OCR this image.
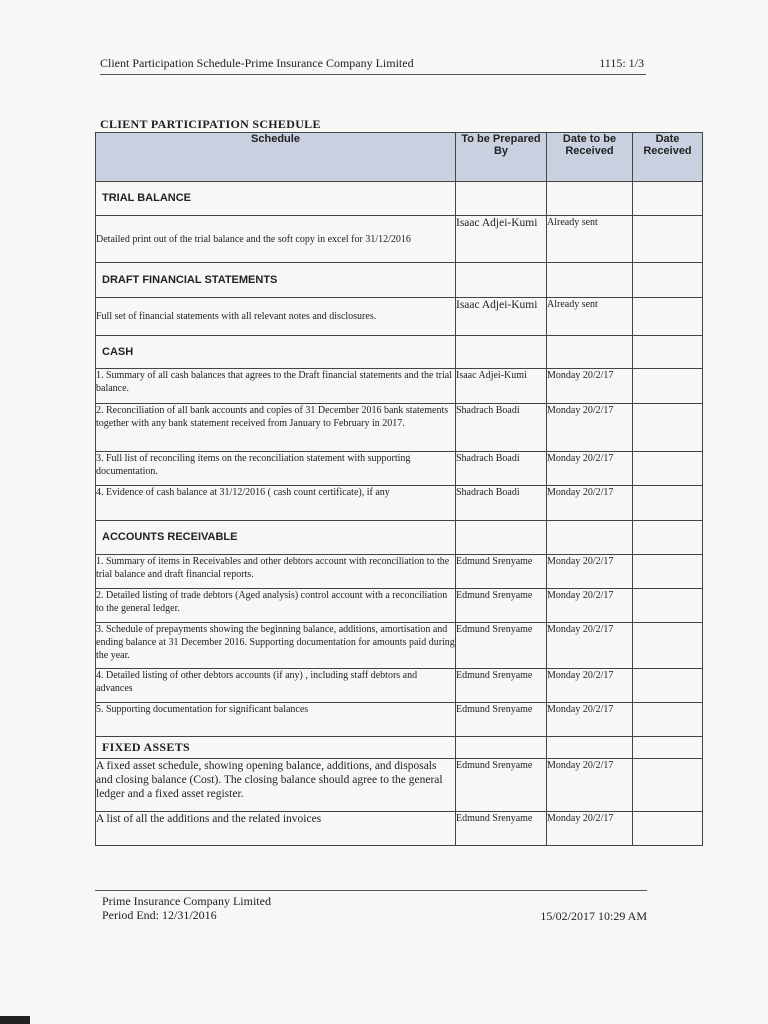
Client Participation Schedule-Prime Insurance Company Limited	1115: 1/3
CLIENT PARTICIPATION SCHEDULE
Schedule	To be Prepared By	Date to be Received	Date Received
TRIAL BALANCE			
Detailed print out of the trial balance and the soft copy in excel for 31/12/2016	Isaac Adjei-Kumi	Already sent	
DRAFT FINANCIAL STATEMENTS			
Full set of financial statements with all relevant notes and disclosures.	Isaac Adjei-Kumi	Already sent	
CASH			
1. Summary of all cash balances that agrees to the Draft financial statements and the trial balance.	Isaac Adjei-Kumi	Monday 20/2/17	
2. Reconciliation of all bank accounts and copies of 31 December 2016 bank statements together with any bank statement received from January to February in 2017.	Shadrach Boadi	Monday 20/2/17	
3. Full list of reconciling items on the reconciliation statement with supporting documentation.	Shadrach Boadi	Monday 20/2/17	
4. Evidence of cash balance at 31/12/2016 ( cash count certificate), if any	Shadrach Boadi	Monday 20/2/17	
ACCOUNTS RECEIVABLE			
1. Summary of items in Receivables and other debtors account with reconciliation to the trial balance and draft financial reports.	Edmund Srenyame	Monday 20/2/17	
2. Detailed listing of trade debtors (Aged analysis) control account with a reconciliation to the general ledger.	Edmund Srenyame	Monday 20/2/17	
3. Schedule of prepayments showing the beginning balance, additions, amortisation and ending balance at 31 December 2016. Supporting documentation for amounts paid during the year.	Edmund Srenyame	Monday 20/2/17	
4. Detailed listing of other debtors accounts (if any) , including staff debtors and advances	Edmund Srenyame	Monday 20/2/17	
5. Supporting documentation for significant balances	Edmund Srenyame	Monday 20/2/17	
FIXED ASSETS			
A fixed asset schedule, showing opening balance, additions, and disposals and closing balance (Cost). The closing balance should agree to the general ledger and a fixed asset register.	Edmund Srenyame	Monday 20/2/17	
A list of all the additions and the related invoices	Edmund Srenyame	Monday 20/2/17	
Prime Insurance Company Limited
Period End: 12/31/2016	15/02/2017 10:29 AM
